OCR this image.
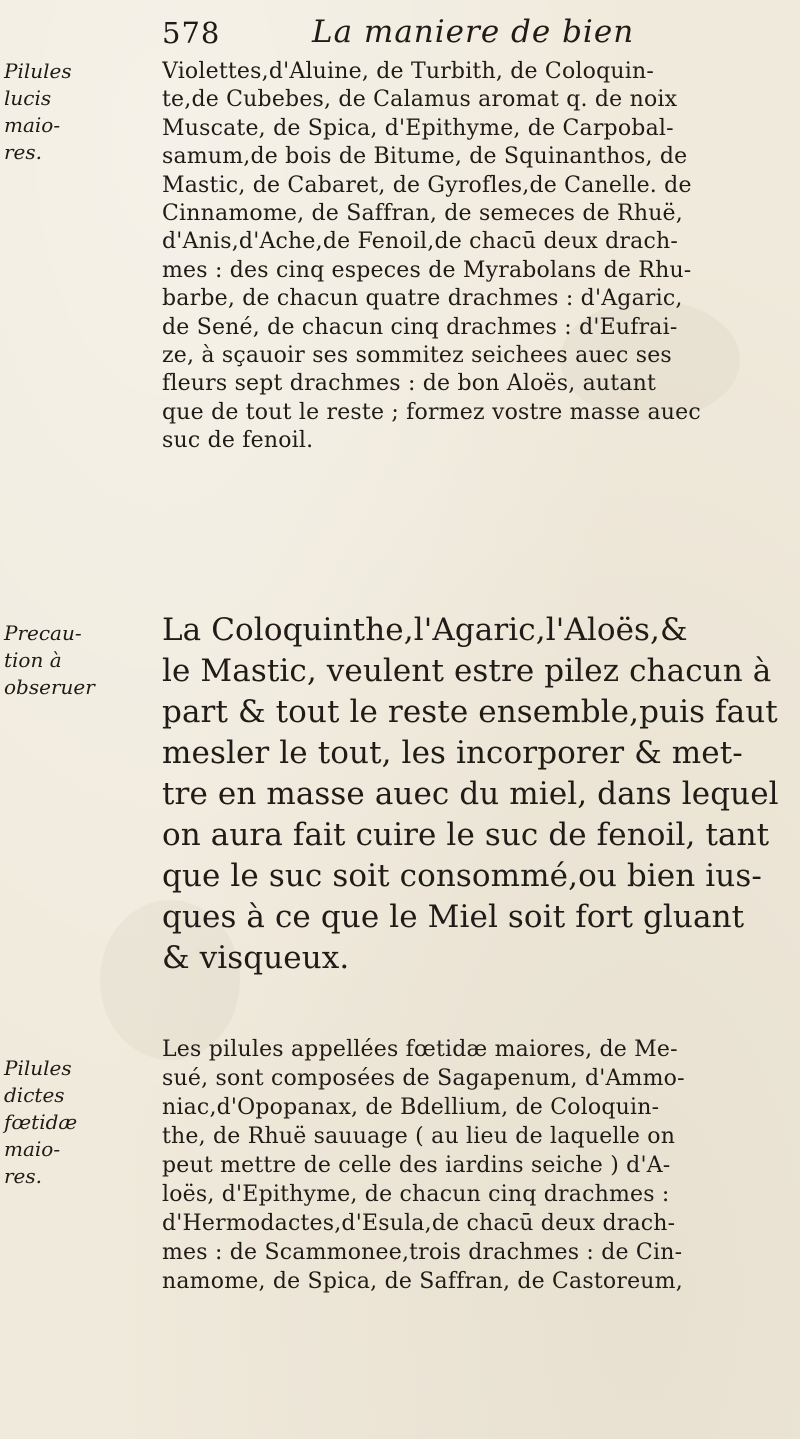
578	La maniere de bien

Pilules
lucis
maio-
res.

Precau-
tion à
obseruer

Pilules
dictes
fœtidæ
maio-
res.

Violettes,d'Aluine, de Turbith, de Coloquin-
te,de Cubebes, de Calamus aromat q. de noix
Muscate, de Spica, d'Epithyme, de Carpobal-
samum,de bois de Bitume, de Squinanthos, de
Mastic, de Cabaret, de Gyrofles,de Canelle. de
Cinnamome, de Saffran, de semeces de Rhuë,
d'Anis,d'Ache,de Fenoil,de chacū deux drach-
mes : des cinq especes de Myrabolans de Rhu-
barbe, de chacun quatre drachmes : d'Agaric,
de Sené, de chacun cinq drachmes : d'Eufrai-
ze, à sçauoir ses sommitez seichees auec ses
fleurs sept drachmes : de bon Aloës, autant
que de tout le reste ; formez vostre masse auec
suc de fenoil.

La Coloquinthe,l'Agaric,l'Aloës,&
le Mastic, veulent estre pilez chacun à
part & tout le reste ensemble,puis faut
mesler le tout, les incorporer & met-
tre en masse auec du miel, dans lequel
on aura fait cuire le suc de fenoil, tant
que le suc soit consommé,ou bien ius-
ques à ce que le Miel soit fort gluant
& visqueux.

Les pilules appellées fœtidæ maiores, de Me-
sué, sont composées de Sagapenum, d'Ammo-
niac,d'Opopanax, de Bdellium, de Coloquin-
the, de Rhuë sauuage ( au lieu de laquelle on
peut mettre de celle des iardins seiche ) d'A-
loës, d'Epithyme, de chacun cinq drachmes :
d'Hermodactes,d'Esula,de chacū deux drach-
mes : de Scammonee,trois drachmes : de Cin-
namome, de Spica, de Saffran, de Castoreum,
